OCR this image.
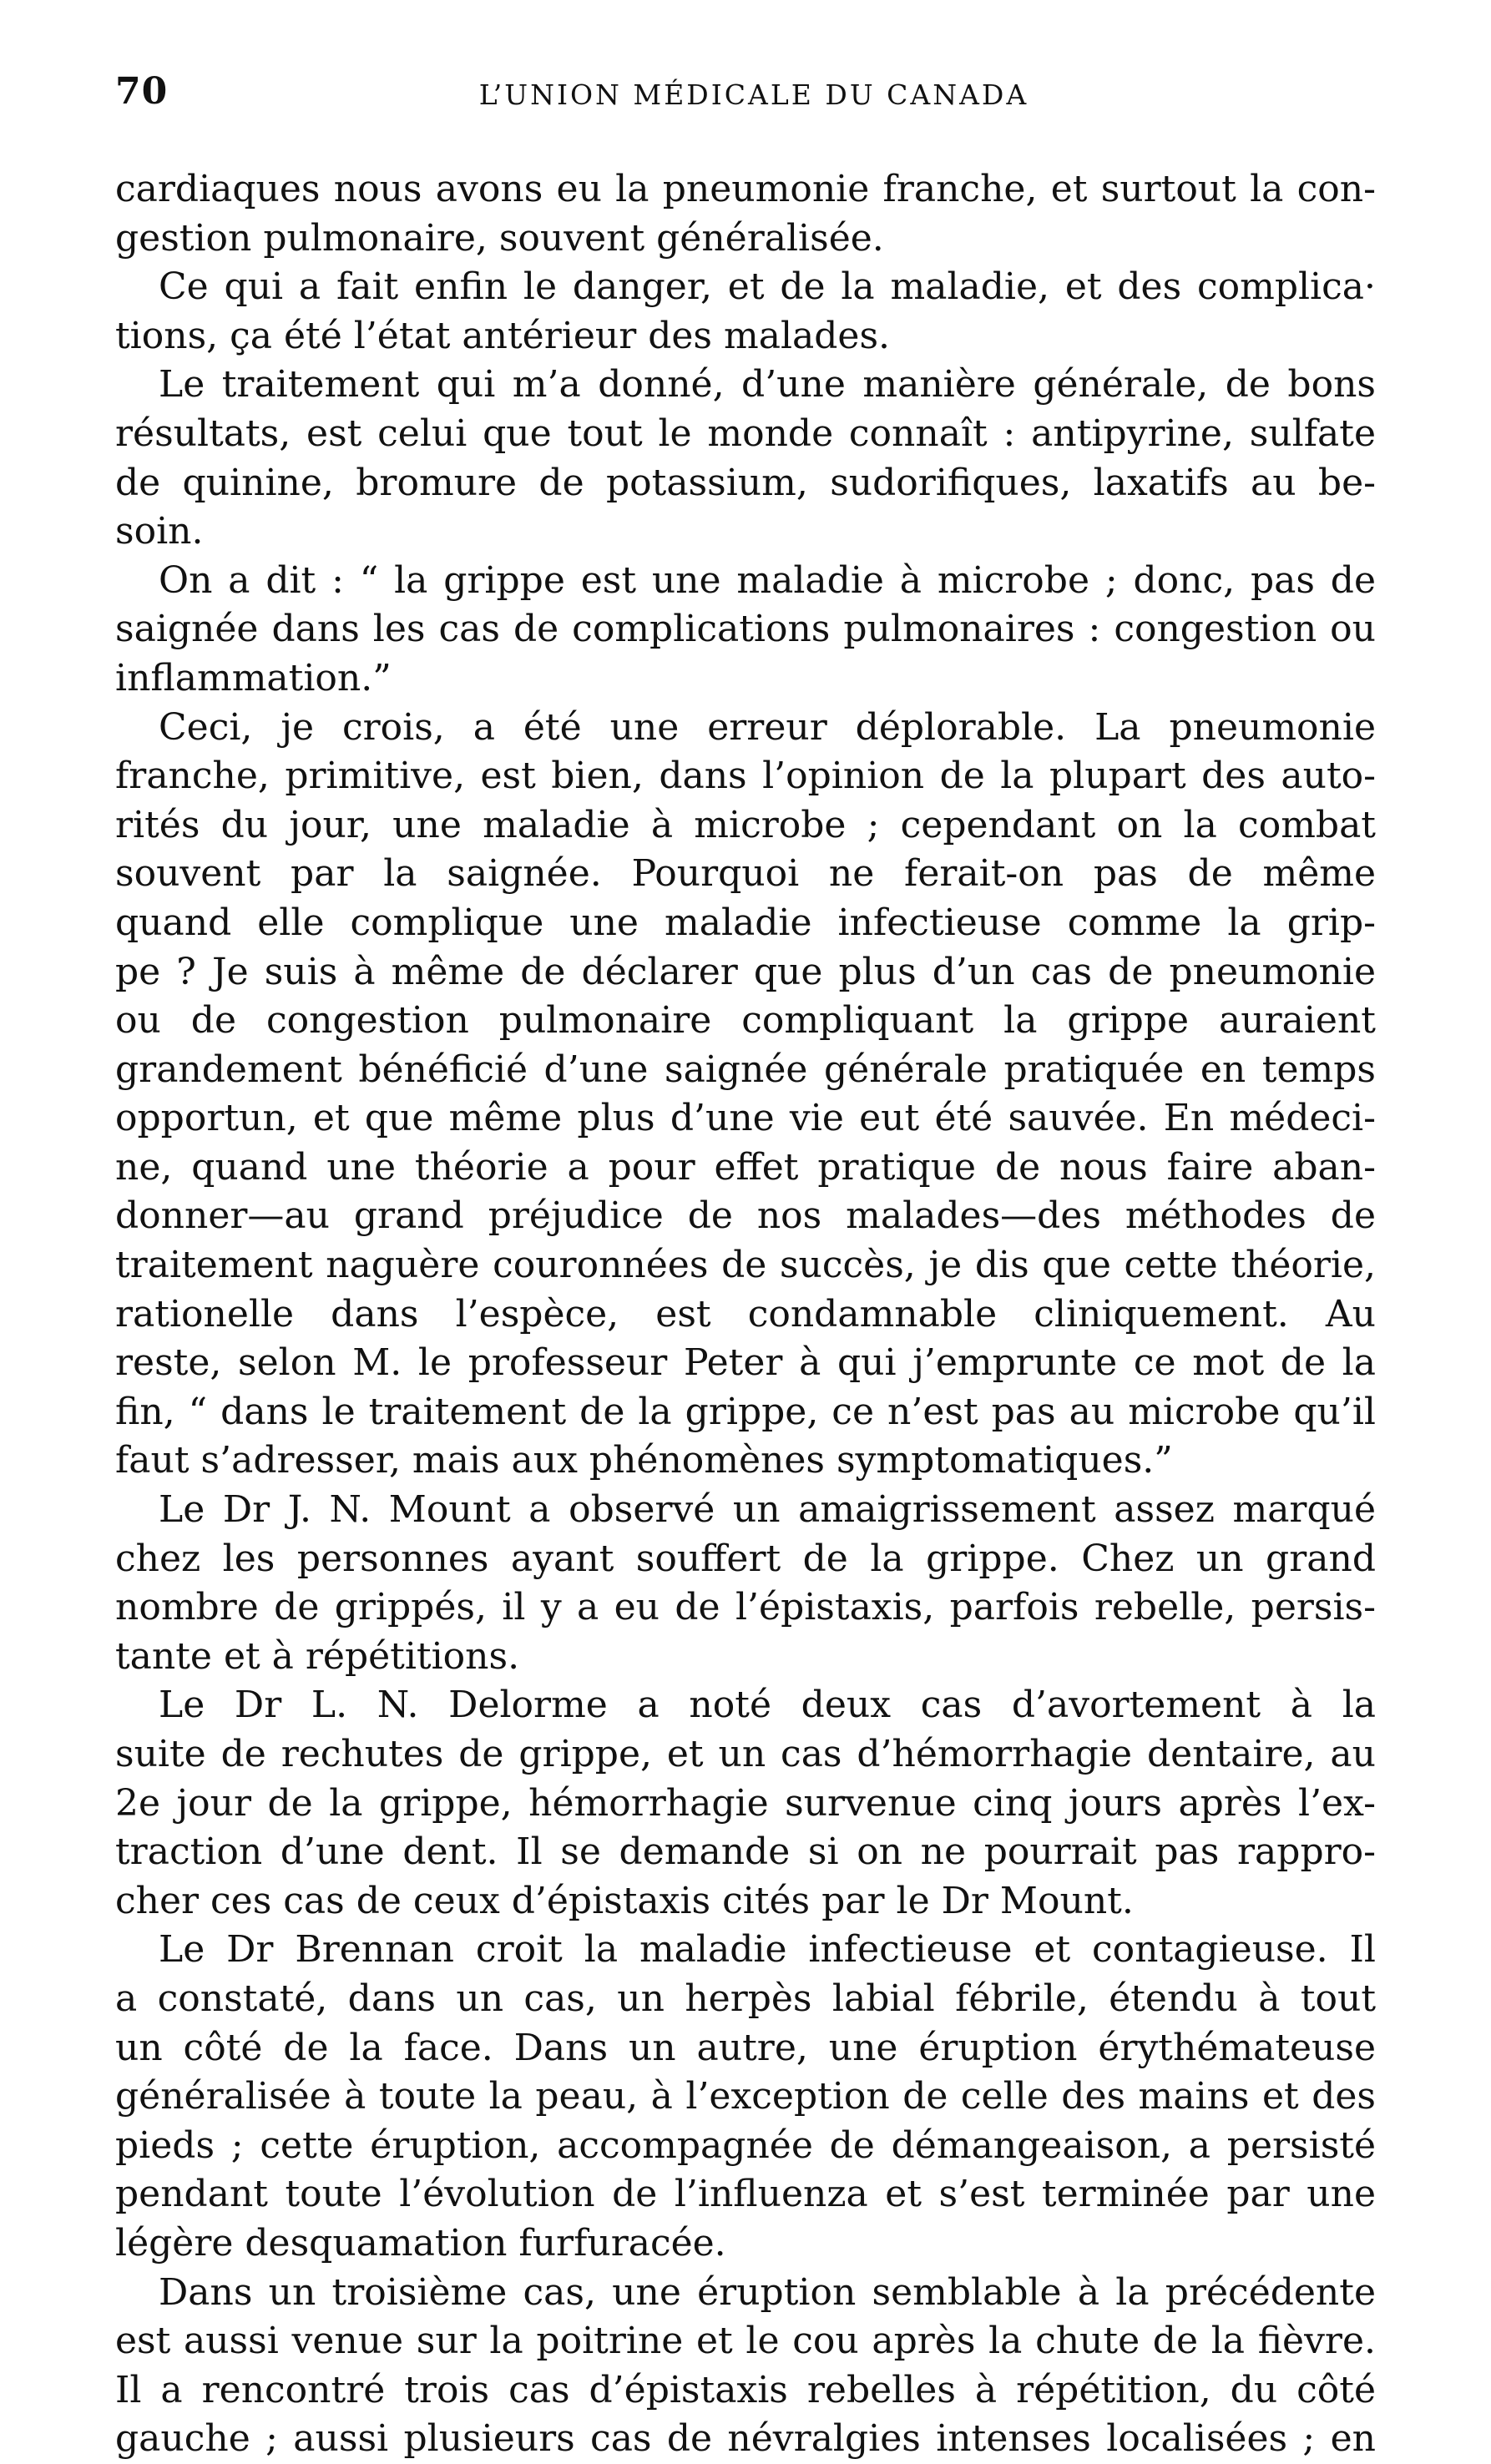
70	L’UNION MÉDICALE DU CANADA
cardiaques nous avons eu la pneumonie franche, et surtout la con-
gestion pulmonaire, souvent généralisée.
Ce qui a fait enfin le danger, et de la maladie, et des complica·
tions, ça été l’état antérieur des malades.
Le traitement qui m’a donné, d’une manière générale, de bons
résultats, est celui que tout le monde connaît : antipyrine, sulfate
de quinine, bromure de potassium, sudorifiques, laxatifs au be-
soin.
On a dit : “ la grippe est une maladie à microbe ; donc, pas de
saignée dans les cas de complications pulmonaires : congestion ou
inflammation.”
Ceci, je crois, a été une erreur déplorable. La pneumonie
franche, primitive, est bien, dans l’opinion de la plupart des auto-
rités du jour, une maladie à microbe ; cependant on la combat
souvent par la saignée. Pourquoi ne ferait-on pas de même
quand elle complique une maladie infectieuse comme la grip-
pe ? Je suis à même de déclarer que plus d’un cas de pneumonie
ou de congestion pulmonaire compliquant la grippe auraient
grandement bénéficié d’une saignée générale pratiquée en temps
opportun, et que même plus d’une vie eut été sauvée. En médeci-
ne, quand une théorie a pour effet pratique de nous faire aban-
donner—au grand préjudice de nos malades—des méthodes de
traitement naguère couronnées de succès, je dis que cette théorie,
rationelle dans l’espèce, est condamnable cliniquement. Au
reste, selon M. le professeur Peter à qui j’emprunte ce mot de la
fin, “ dans le traitement de la grippe, ce n’est pas au microbe qu’il
faut s’adresser, mais aux phénomènes symptomatiques.”
Le Dr J. N. Mount a observé un amaigrissement assez marqué
chez les personnes ayant souffert de la grippe. Chez un grand
nombre de grippés, il y a eu de l’épistaxis, parfois rebelle, persis-
tante et à répétitions.
Le Dr L. N. Delorme a noté deux cas d’avortement à la
suite de rechutes de grippe, et un cas d’hémorrhagie dentaire, au
2e jour de la grippe, hémorrhagie survenue cinq jours après l’ex-
traction d’une dent. Il se demande si on ne pourrait pas rappro-
cher ces cas de ceux d’épistaxis cités par le Dr Mount.
Le Dr Brennan croit la maladie infectieuse et contagieuse. Il
a constaté, dans un cas, un herpès labial fébrile, étendu à tout
un côté de la face. Dans un autre, une éruption érythémateuse
généralisée à toute la peau, à l’exception de celle des mains et des
pieds ; cette éruption, accompagnée de démangeaison, a persisté
pendant toute l’évolution de l’influenza et s’est terminée par une
légère desquamation furfuracée.
Dans un troisième cas, une éruption semblable à la précédente
est aussi venue sur la poitrine et le cou après la chute de la fièvre.
Il a rencontré trois cas d’épistaxis rebelles à répétition, du côté
gauche ; aussi plusieurs cas de névralgies intenses localisées ; en
